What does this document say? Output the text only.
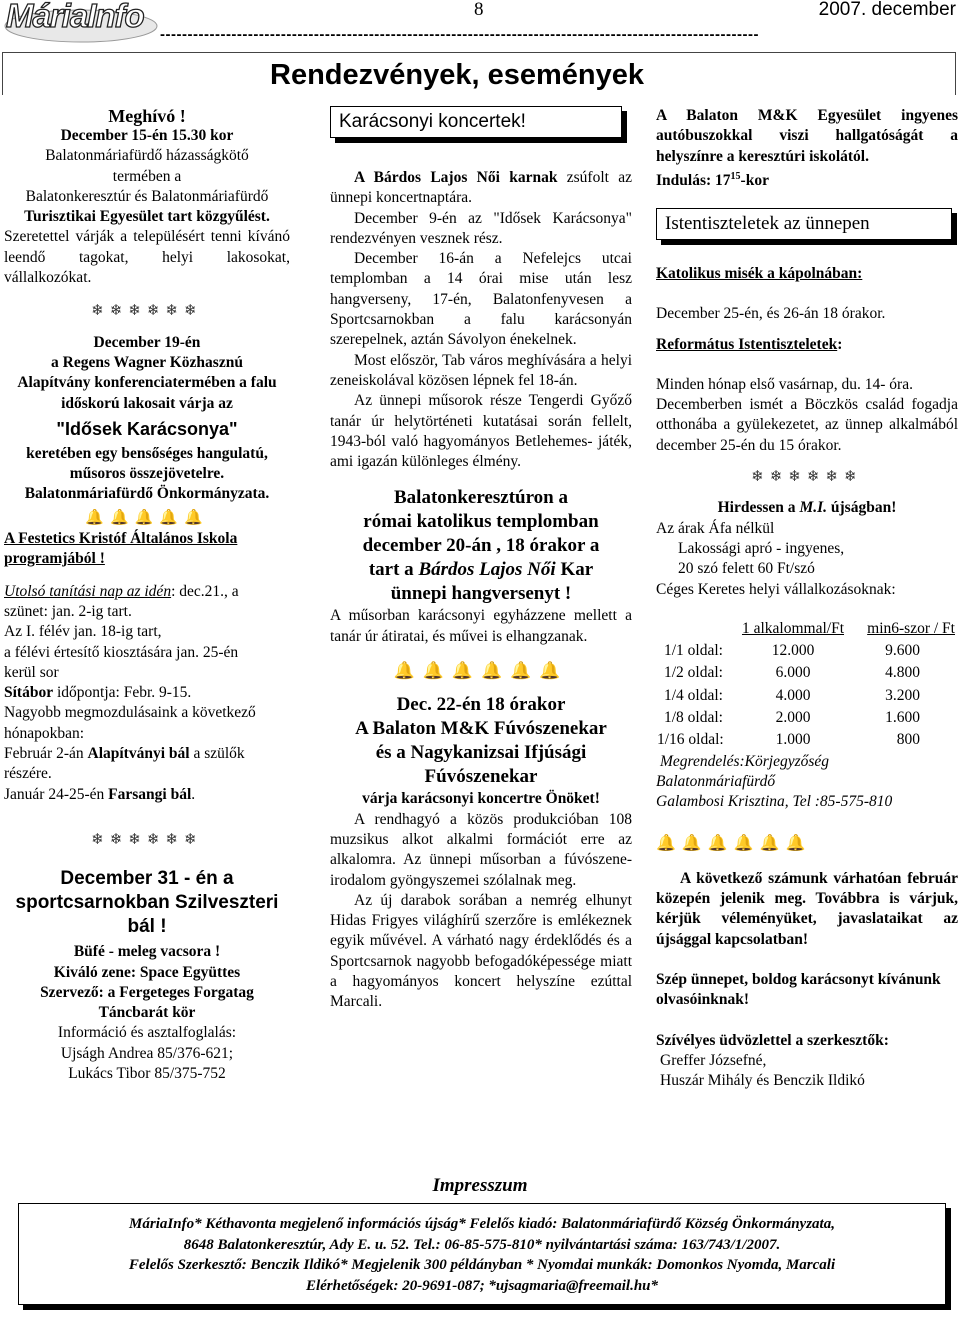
MáriaInfo	8	2007. december
-------------------------------------------------------------------------------------------------------------
Rendezvények, események

Meghívó !

December 15-én 15.30 kor

Balatonmáriafürdő házasságkötő

termében a

Balatonkeresztúr és Balatonmáriafürdő

Turisztikai Egyesület tart közgyűlést.

Szeretettel várják a településért tenni kívánó leendő tagokat, helyi lakosokat, vállalkozókat.

❄❄❄❄❄❄

December 19-én

a Regens Wagner Közhasznú

Alapítvány konferenciatermében a falu

időskorú lakosait várja az

"Idősek Karácsonya"

keretében egy bensőséges hangulatú,

műsoros összejövetelre.

Balatonmáriafürdő Önkormányzata.

🔔🔔🔔🔔🔔

A Festetics Kristóf Általános Iskola programjából !

Utolsó tanítási nap az idén: dec.21., a

szünet: jan. 2-ig tart.

Az I. félév jan. 18-ig tart,

a félévi értesítő kiosztására jan. 25-én

kerül sor

Sítábor időpontja: Febr. 9-15.

Nagyobb megmozdulásaink a következő hónapokban:

Február 2-án Alapítványi bál a szülők részére.

Január 24-25-én Farsangi bál.

❄❄❄❄❄❄

December 31 - én a sportcsarnokban Szilveszteri bál !

Büfé - meleg vacsora !

Kiváló zene: Space Együttes

Szervező: a Fergeteges Forgatag

Táncbarát kör

Információ és asztalfoglalás:

Ujságh Andrea 85/376-621;

Lukács Tibor 85/375-752

Karácsonyi koncertek!

A Bárdos Lajos Női karnak zsúfolt az ünnepi koncertnaptára.

December 9-én az "Idősek Karácsonya" rendezvényen vesznek rész.

December 16-án a Nefelejcs utcai templomban a 14 órai mise után lesz hangverseny, 17-én, Balatonfenyvesen a Sportcsarnokban a falu karácsonyán szerepelnek, aztán Sávolyon énekelnek.

Most először, Tab város meghívására a helyi zeneiskolával közösen lépnek fel 18-án.

Az ünnepi műsorok része Tengerdi Győző tanár úr helytörténeti kutatásai során fellelt, 1943-ból való hagyományos Betlehemes- játék, ami igazán különleges élmény.

Balatonkeresztúron a

római katolikus templomban

december 20-án , 18 órakor a

tart a Bárdos Lajos Női Kar

ünnepi hangversenyt !

A műsorban karácsonyi egyházzene mellett a tanár úr átiratai, és művei is elhangzanak.

🔔🔔🔔🔔🔔🔔

Dec. 22-én 18 órakor

A Balaton M&K Fúvószenekar

és a Nagykanizsai Ifjúsági

Fúvószenekar

várja karácsonyi koncertre Önöket!

A rendhagyó a közös produkcióban 108 muzsikus alkot alkalmi formációt erre az alkalomra. Az ünnepi műsorban a fúvószene-irodalom gyöngyszemei szólalnak meg.

Az új darabok sorában a nemrég elhunyt Hidas Frigyes világhírű szerzőre is emlékeznek egyik művével. A várható nagy érdeklődés és a Sportcsarnok nagyobb befogadóképessége miatt a hagyományos koncert helyszíne ezúttal Marcali.

A Balaton M&K Egyesület ingyenes autóbuszokkal viszi hallgatóságát a helyszínre a keresztúri iskolától.

Indulás: $17^{15}$-kor

Istentiszteletek az ünnepen

Katolikus misék a kápolnában:

December 25-én, és 26-án 18 órakor.

Református Istentiszteletek:

Minden hónap első vasárnap, du. 14- óra.

Decemberben ismét a Böczkös család fogadja otthonába a gyülekezetet, az ünnep alkalmából december 25-én du 15 órakor.

❄❄❄❄❄❄

Hirdessen a M.I. újságban!

Az árak Áfa nélkül

Lakossági apró - ingyenes,

20 szó felett 60 Ft/szó

Céges Keretes helyi vállalkozásoknak:

	1 alkalommal/Ft	min6-szor / Ft
1/1 oldal:	12.000	9.600
1/2 oldal:	6.000	4.800
1/4 oldal:	4.000	3.200
1/8 oldal:	2.000	1.600
1/16 oldal:	1.000	800

Megrendelés:Körjegyzőség

Balatonmáriafürdő

Galambosi Krisztina, Tel :85-575-810

🔔🔔🔔🔔🔔🔔

A következő számunk várhatóan február közepén jelenik meg. Továbbra is várjuk, kérjük véleményüket, javaslataikat az újsággal kapcsolatban!

Szép ünnepet, boldog karácsonyt kívánunk olvasóinknak!

Szívélyes üdvözlettel a szerkesztők:

Greffer Józsefné,

Huszár Mihály és Benczik Ildikó

Impresszum

MáriaInfo* Kéthavonta megjelenő információs újság* Felelős kiadó: Balatonmáriafürdő Község Önkormányzata,

8648 Balatonkeresztúr, Ady E. u. 52. Tel.: 06-85-575-810* nyilvántartási száma: 163/743/1/2007.

Felelős Szerkesztő: Benczik Ildikó* Megjelenik 300 példányban * Nyomdai munkák: Domonkos Nyomda, Marcali

Elérhetőségek: 20-9691-087; *ujsagmaria@freemail.hu*
